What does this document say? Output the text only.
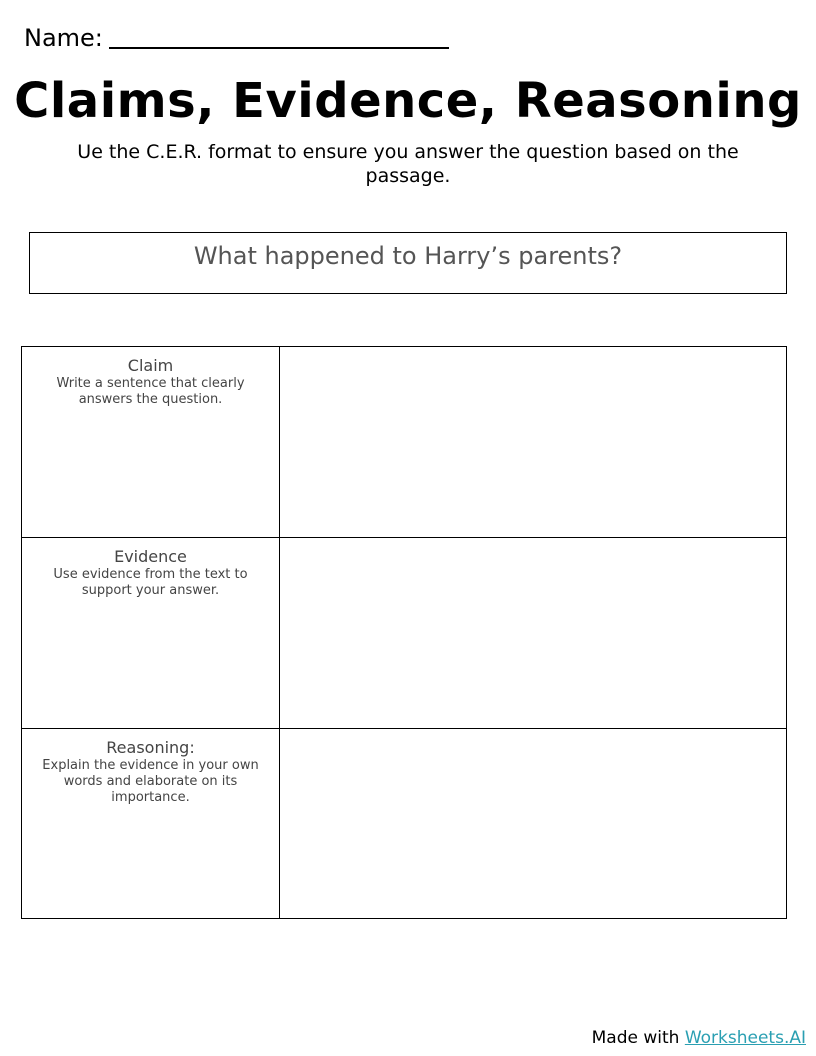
Name:
Claims, Evidence, Reasoning

Ue the C.E.R. format to ensure you answer the question based on the passage.

What happened to Harry’s parents?
Claim
Write a sentence that clearly answers the question.
Evidence
Use evidence from the text to support your answer.
Reasoning:
Explain the evidence in your own words and elaborate on its importance.
Made with Worksheets.AI
